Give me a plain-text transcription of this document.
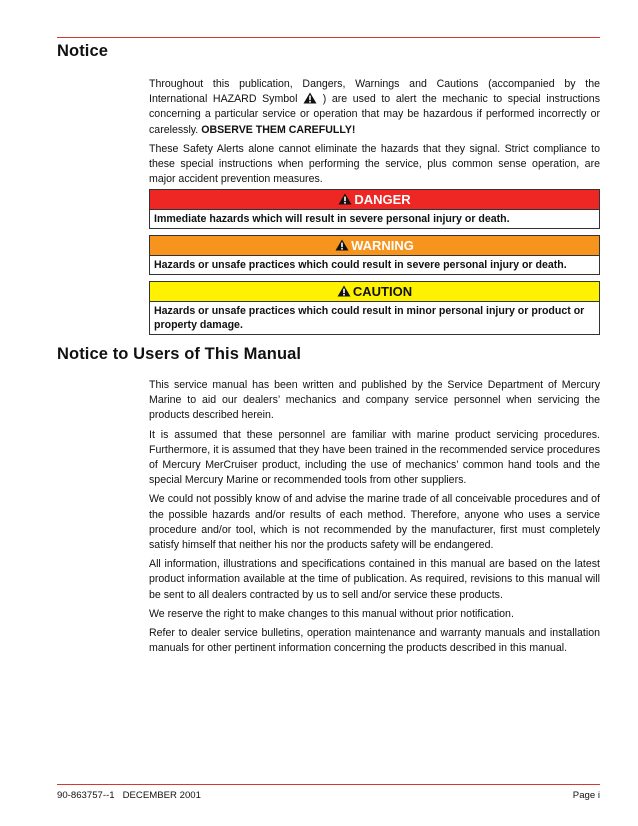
Notice

Throughout this publication, Dangers, Warnings and Cautions (accompanied by the International HAZARD Symbol ) are used to alert the mechanic to special instructions concerning a particular service or operation that may be hazardous if performed incorrectly or carelessly. OBSERVE THEM CAREFULLY!

These Safety Alerts alone cannot eliminate the hazards that they signal. Strict compliance to these special instructions when performing the service, plus common sense operation, are major accident prevention measures.

DANGER
Immediate hazards which will result in severe personal injury or death.
WARNING
Hazards or unsafe practices which could result in severe personal injury or death.
CAUTION
Hazards or unsafe practices which could result in minor personal injury or product or property damage.
Notice to Users of This Manual

This service manual has been written and published by the Service Department of Mercury Marine to aid our dealers’ mechanics and company service personnel when servicing the products described herein.

It is assumed that these personnel are familiar with marine product servicing procedures. Furthermore, it is assumed that they have been trained in the recommended service procedures of Mercury MerCruiser product, including the use of mechanics’ common hand tools and the special Mercury Marine or recommended tools from other suppliers.

We could not possibly know of and advise the marine trade of all conceivable procedures and of the possible hazards and/or results of each method. Therefore, anyone who uses a service procedure and/or tool, which is not recommended by the manufacturer, first must completely satisfy himself that neither his nor the products safety will be endangered.

All information, illustrations and specifications contained in this manual are based on the latest product information available at the time of publication. As required, revisions to this manual will be sent to all dealers contracted by us to sell and/or service these products.

We reserve the right to make changes to this manual without prior notification.

Refer to dealer service bulletins, operation maintenance and warranty manuals and installation manuals for other pertinent information concerning the products described in this manual.

90-863757--1   DECEMBER 2001	Page i
